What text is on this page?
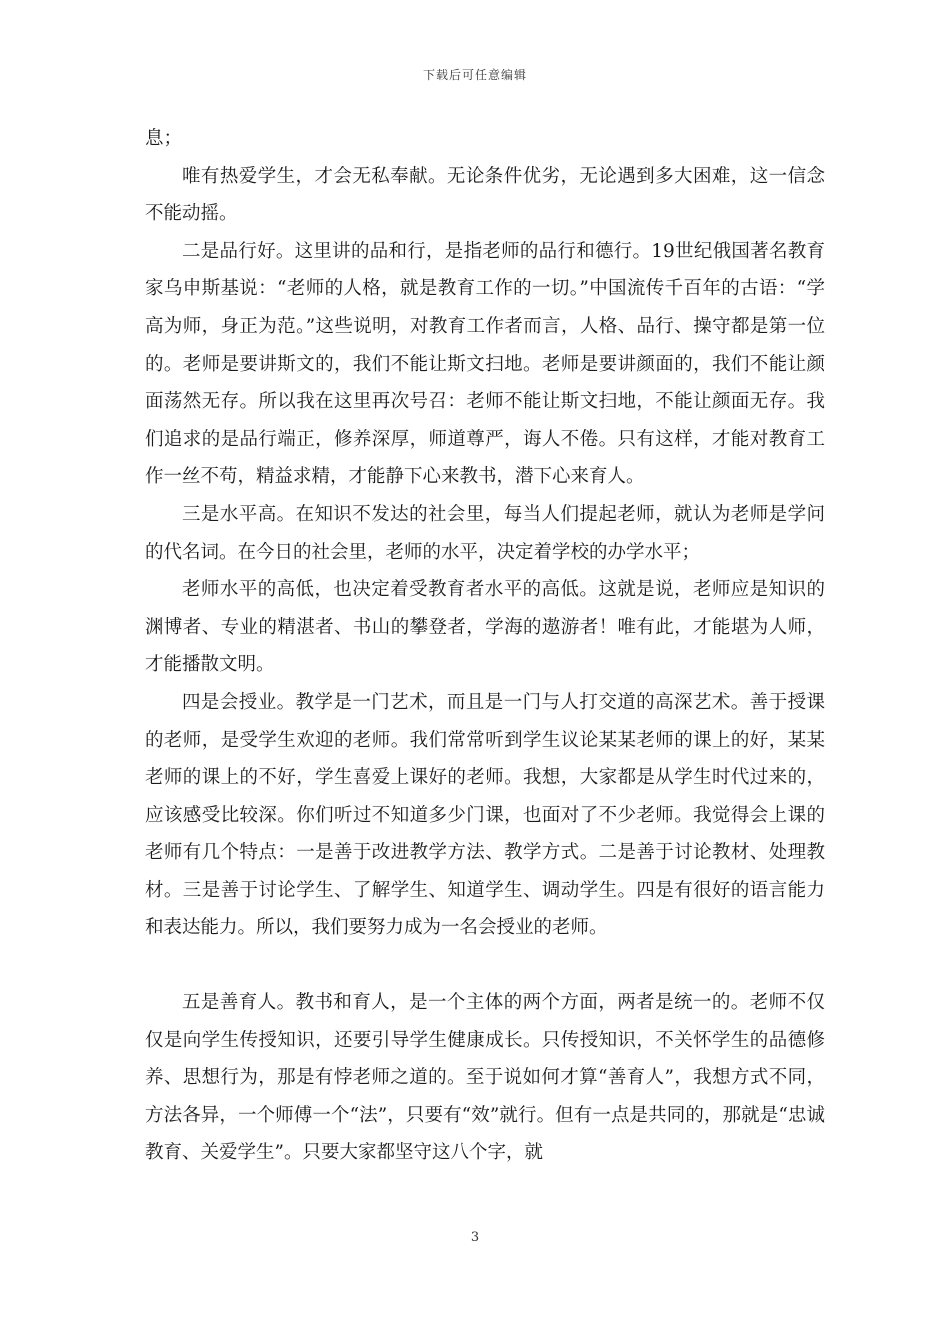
下载后可任意编辑

息；

唯有热爱学生，才会无私奉献。无论条件优劣，无论遇到多大困难，这一信念不能动摇。

二是品行好。这里讲的品和行，是指老师的品行和德行。19世纪俄国著名教育家乌申斯基说：“老师的人格，就是教育工作的一切。”中国流传千百年的古语：“学高为师，身正为范。”这些说明，对教育工作者而言，人格、品行、操守都是第一位的。老师是要讲斯文的，我们不能让斯文扫地。老师是要讲颜面的，我们不能让颜面荡然无存。所以我在这里再次号召：老师不能让斯文扫地，不能让颜面无存。我们追求的是品行端正，修养深厚，师道尊严，诲人不倦。只有这样，才能对教育工作一丝不苟，精益求精，才能静下心来教书，潜下心来育人。

三是水平高。在知识不发达的社会里，每当人们提起老师，就认为老师是学问的代名词。在今日的社会里，老师的水平，决定着学校的办学水平；

老师水平的高低，也决定着受教育者水平的高低。这就是说，老师应是知识的渊博者、专业的精湛者、书山的攀登者，学海的遨游者！唯有此，才能堪为人师，才能播散文明。

四是会授业。教学是一门艺术，而且是一门与人打交道的高深艺术。善于授课的老师，是受学生欢迎的老师。我们常常听到学生议论某某老师的课上的好，某某老师的课上的不好，学生喜爱上课好的老师。我想，大家都是从学生时代过来的，应该感受比较深。你们听过不知道多少门课，也面对了不少老师。我觉得会上课的老师有几个特点：一是善于改进教学方法、教学方式。二是善于讨论教材、处理教材。三是善于讨论学生、了解学生、知道学生、调动学生。四是有很好的语言能力和表达能力。所以，我们要努力成为一名会授业的老师。

五是善育人。教书和育人，是一个主体的两个方面，两者是统一的。老师不仅仅是向学生传授知识，还要引导学生健康成长。只传授知识，不关怀学生的品德修养、思想行为，那是有悖老师之道的。至于说如何才算“善育人”，我想方式不同，方法各异，一个师傅一个“法”，只要有“效”就行。但有一点是共同的，那就是“忠诚教育、关爱学生”。只要大家都坚守这八个字，就

3
